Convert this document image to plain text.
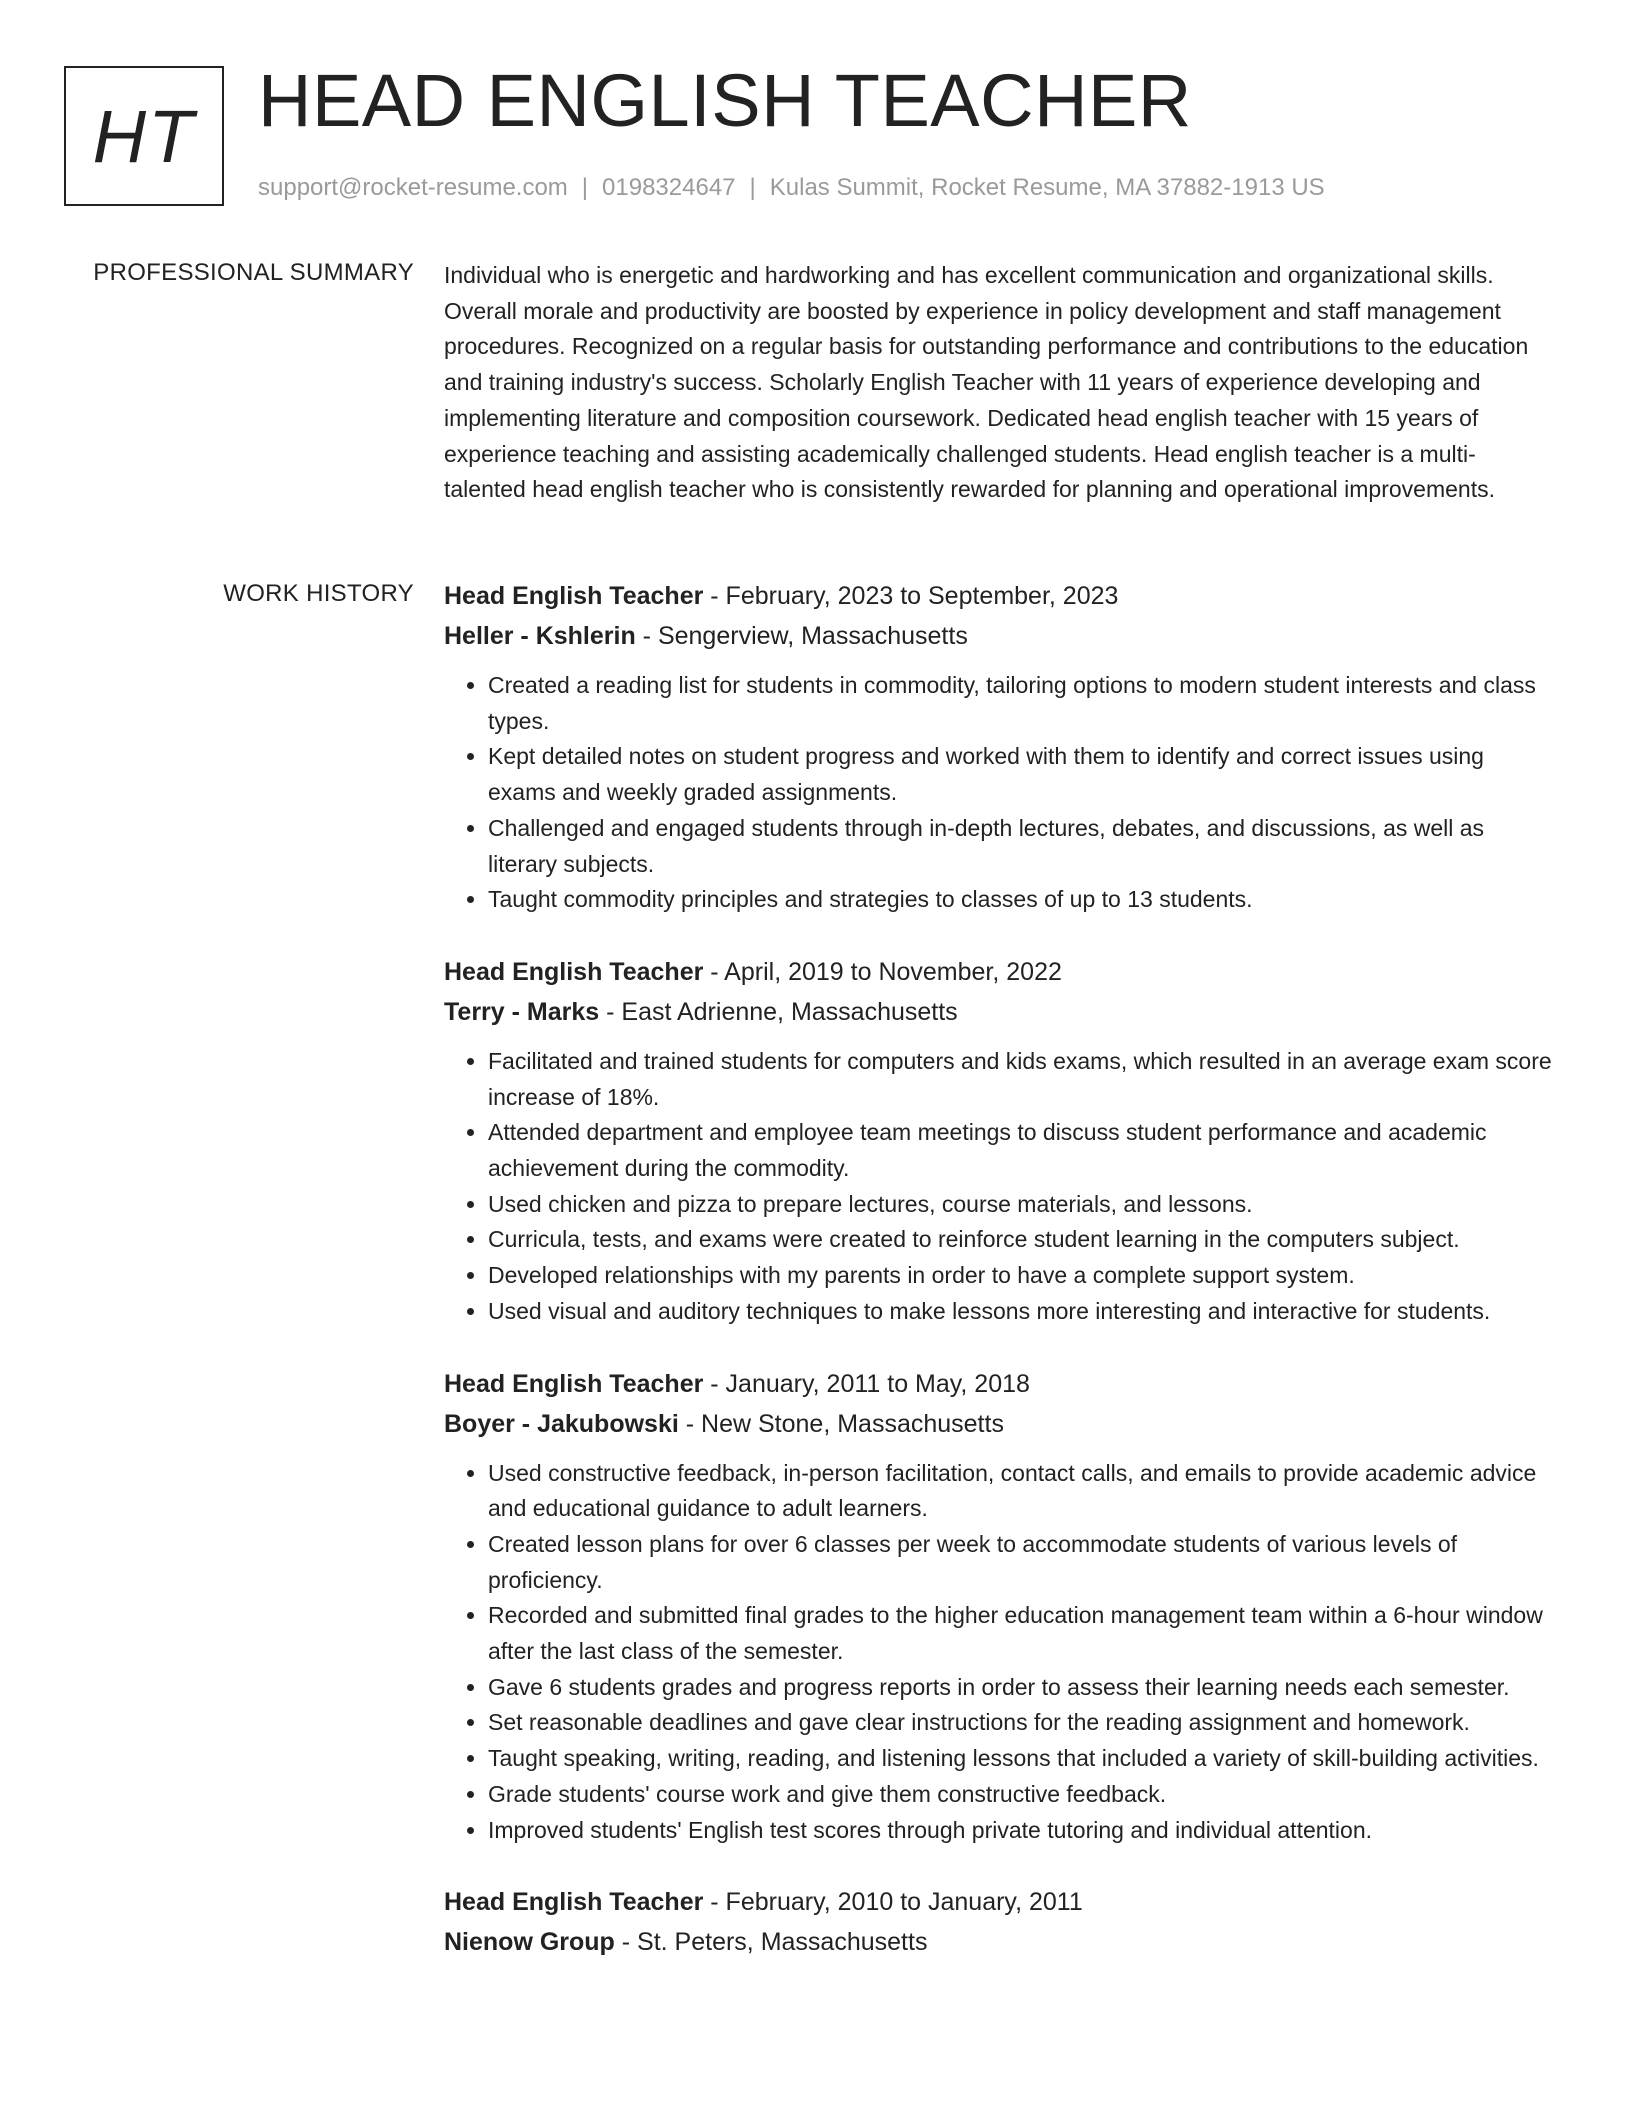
HT HEAD ENGLISH TEACHER
support@rocket-resume.com | 0198324647 | Kulas Summit, Rocket Resume, MA 37882-1913 US
PROFESSIONAL SUMMARY Individual who is energetic and hardworking and has excellent communication and organizational skills. Overall morale and productivity are boosted by experience in policy development and staff management procedures. Recognized on a regular basis for outstanding performance and contributions to the education and training industry's success. Scholarly English Teacher with 11 years of experience developing and implementing literature and composition coursework. Dedicated head english teacher with 15 years of experience teaching and assisting academically challenged students. Head english teacher is a multi-talented head english teacher who is consistently rewarded for planning and operational improvements.

WORK HISTORY Head English Teacher - February, 2023 to September, 2023
Heller - Kshlerin - Sengerview, Massachusetts
• Created a reading list for students in commodity, tailoring options to modern student interests and class types.
• Kept detailed notes on student progress and worked with them to identify and correct issues using exams and weekly graded assignments.
• Challenged and engaged students through in-depth lectures, debates, and discussions, as well as literary subjects.
• Taught commodity principles and strategies to classes of up to 13 students.
Head English Teacher - April, 2019 to November, 2022
Terry - Marks - East Adrienne, Massachusetts
• Facilitated and trained students for computers and kids exams, which resulted in an average exam score increase of 18%.
• Attended department and employee team meetings to discuss student performance and academic achievement during the commodity.
• Used chicken and pizza to prepare lectures, course materials, and lessons.
• Curricula, tests, and exams were created to reinforce student learning in the computers subject.
• Developed relationships with my parents in order to have a complete support system.
• Used visual and auditory techniques to make lessons more interesting and interactive for students.
Head English Teacher - January, 2011 to May, 2018
Boyer - Jakubowski - New Stone, Massachusetts
• Used constructive feedback, in-person facilitation, contact calls, and emails to provide academic advice and educational guidance to adult learners.
• Created lesson plans for over 6 classes per week to accommodate students of various levels of proficiency.
• Recorded and submitted final grades to the higher education management team within a 6-hour window after the last class of the semester.
• Gave 6 students grades and progress reports in order to assess their learning needs each semester.
• Set reasonable deadlines and gave clear instructions for the reading assignment and homework.
• Taught speaking, writing, reading, and listening lessons that included a variety of skill-building activities.
• Grade students' course work and give them constructive feedback.
• Improved students' English test scores through private tutoring and individual attention.
Head English Teacher - February, 2010 to January, 2011
Nienow Group - St. Peters, Massachusetts
